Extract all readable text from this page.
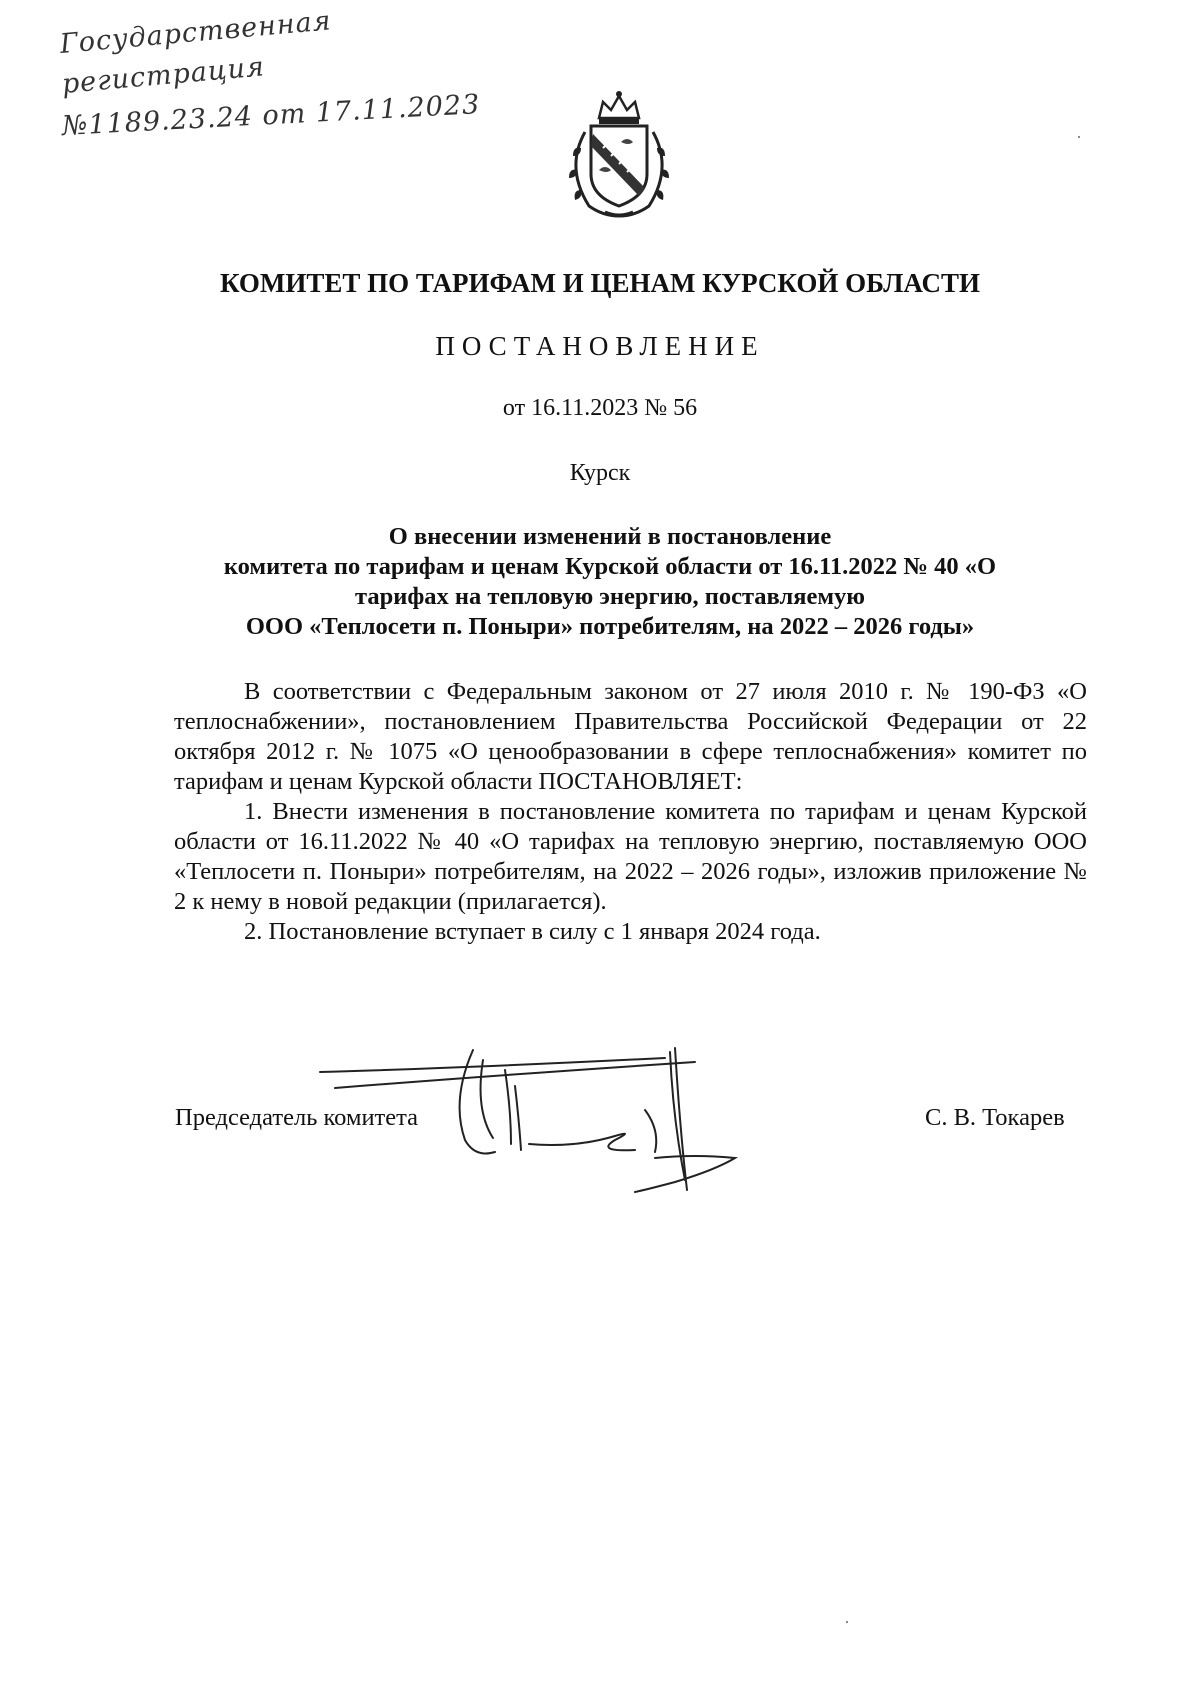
Государственная
регистрация
№1189.23.24 от 17.11.2023
КОМИТЕТ ПО ТАРИФАМ И ЦЕНАМ КУРСКОЙ ОБЛАСТИ
ПОСТАНОВЛЕНИЕ
от 16.11.2023 № 56
Курск
О внесении изменений в постановление
комитета по тарифам и ценам Курской области от 16.11.2022 № 40 «О
тарифах на тепловую энергию, поставляемую
ООО «Теплосети п. Поныри» потребителям, на 2022 – 2026 годы»

В соответствии с Федеральным законом от 27 июля 2010 г. № 190-ФЗ «О теплоснабжении», постановлением Правительства Российской Федерации от 22 октября 2012 г. № 1075 «О ценообразовании в сфере теплоснабжения» комитет по тарифам и ценам Курской области ПОСТАНОВЛЯЕТ:

1. Внести изменения в постановление комитета по тарифам и ценам Курской области от 16.11.2022 № 40 «О тарифах на тепловую энергию, поставляемую ООО «Теплосети п. Поныри» потребителям, на 2022 – 2026 годы», изложив приложение № 2 к нему в новой редакции (прилагается).

2. Постановление вступает в силу с 1 января 2024 года.

Председатель комитета	С. В. Токарев
